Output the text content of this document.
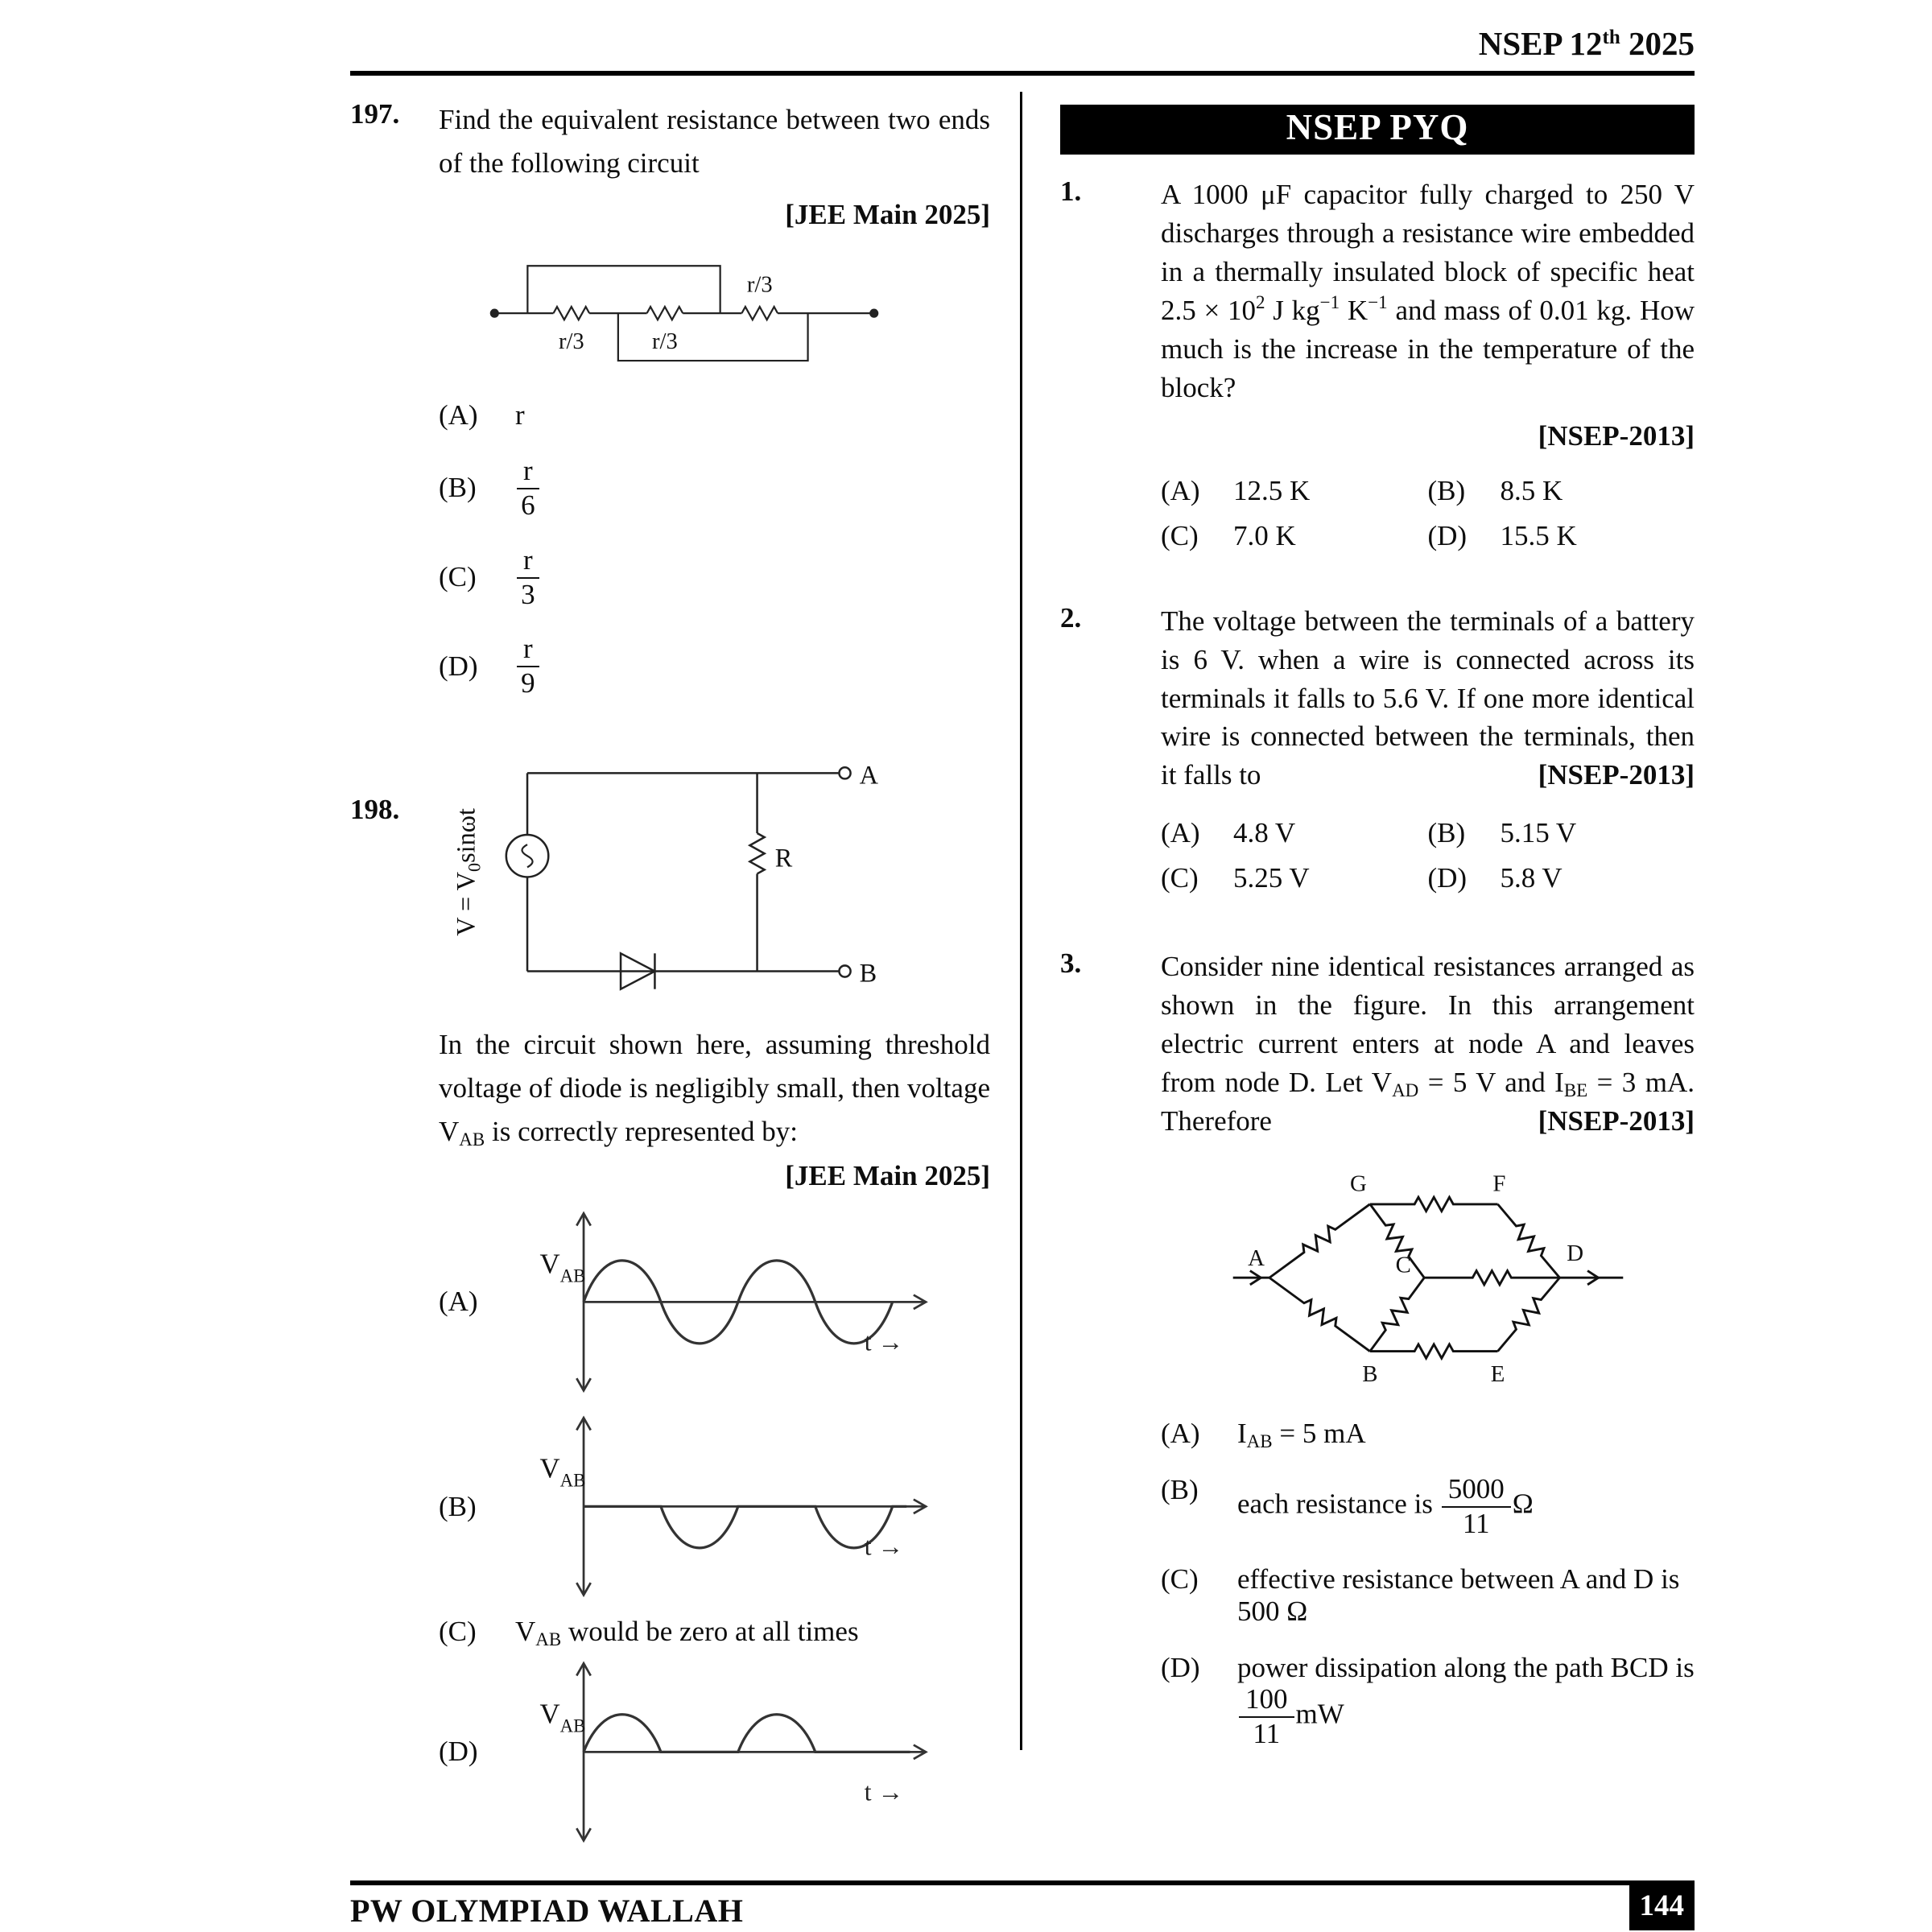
NSEP 12th 2025
197.	Find the equivalent resistance between two ends of the following circuit
[JEE Main 2025]
r/3	r/3
r/3
(A)	r
(B)	$\frac{r}{6}$
(C)	$\frac{r}{3}$
(D)	$\frac{r}{9}$
198.
A
B
R
$V = V_0\sin\omega t$
In the circuit shown here, assuming threshold voltage of diode is negligibly small, then voltage VAB is correctly represented by:
[JEE Main 2025]
(A)
V AB
t →
(B)
V AB
t →
(C)	VAB would be zero at all times
(D)
V AB
t →
NSEP PYQ
1.	A 1000 μF capacitor fully charged to 250 V discharges through a resistance wire embedded in a thermally insulated block of specific heat $2.5 \times 10^2$ J $kg^{-1}$ $K^{-1}$ and mass of 0.01 kg. How much is the increase in the temperature of the block?
[NSEP-2013]
(A)	12.5 K	(B)	8.5 K
(C)	7.0 K	(D)	15.5 K
2.	The voltage between the terminals of a battery is 6 V. when a wire is connected across its terminals it falls to 5.6 V. If one more identical wire is connected between the terminals, then it falls to	[NSEP-2013]
(A)	4.8 V	(B)	5.15 V
(C)	5.25 V	(D)	5.8 V
3.	Consider nine identical resistances arranged as shown in the figure. In this arrangement electric current enters at node A and leaves from node D. Let VAD = 5 V and IBE = 3 mA. Therefore	[NSEP-2013]
A
G	F
C	D
B	E
(A)	IAB = 5 mA
(B)	each resistance is $\frac{5000}{11}$ Ω
(C)	effective resistance between A and D is 500 Ω
(D)	power dissipation along the path BCD is
$\frac{100}{11}$ mW
PW OLYMPIAD WALLAH	144
